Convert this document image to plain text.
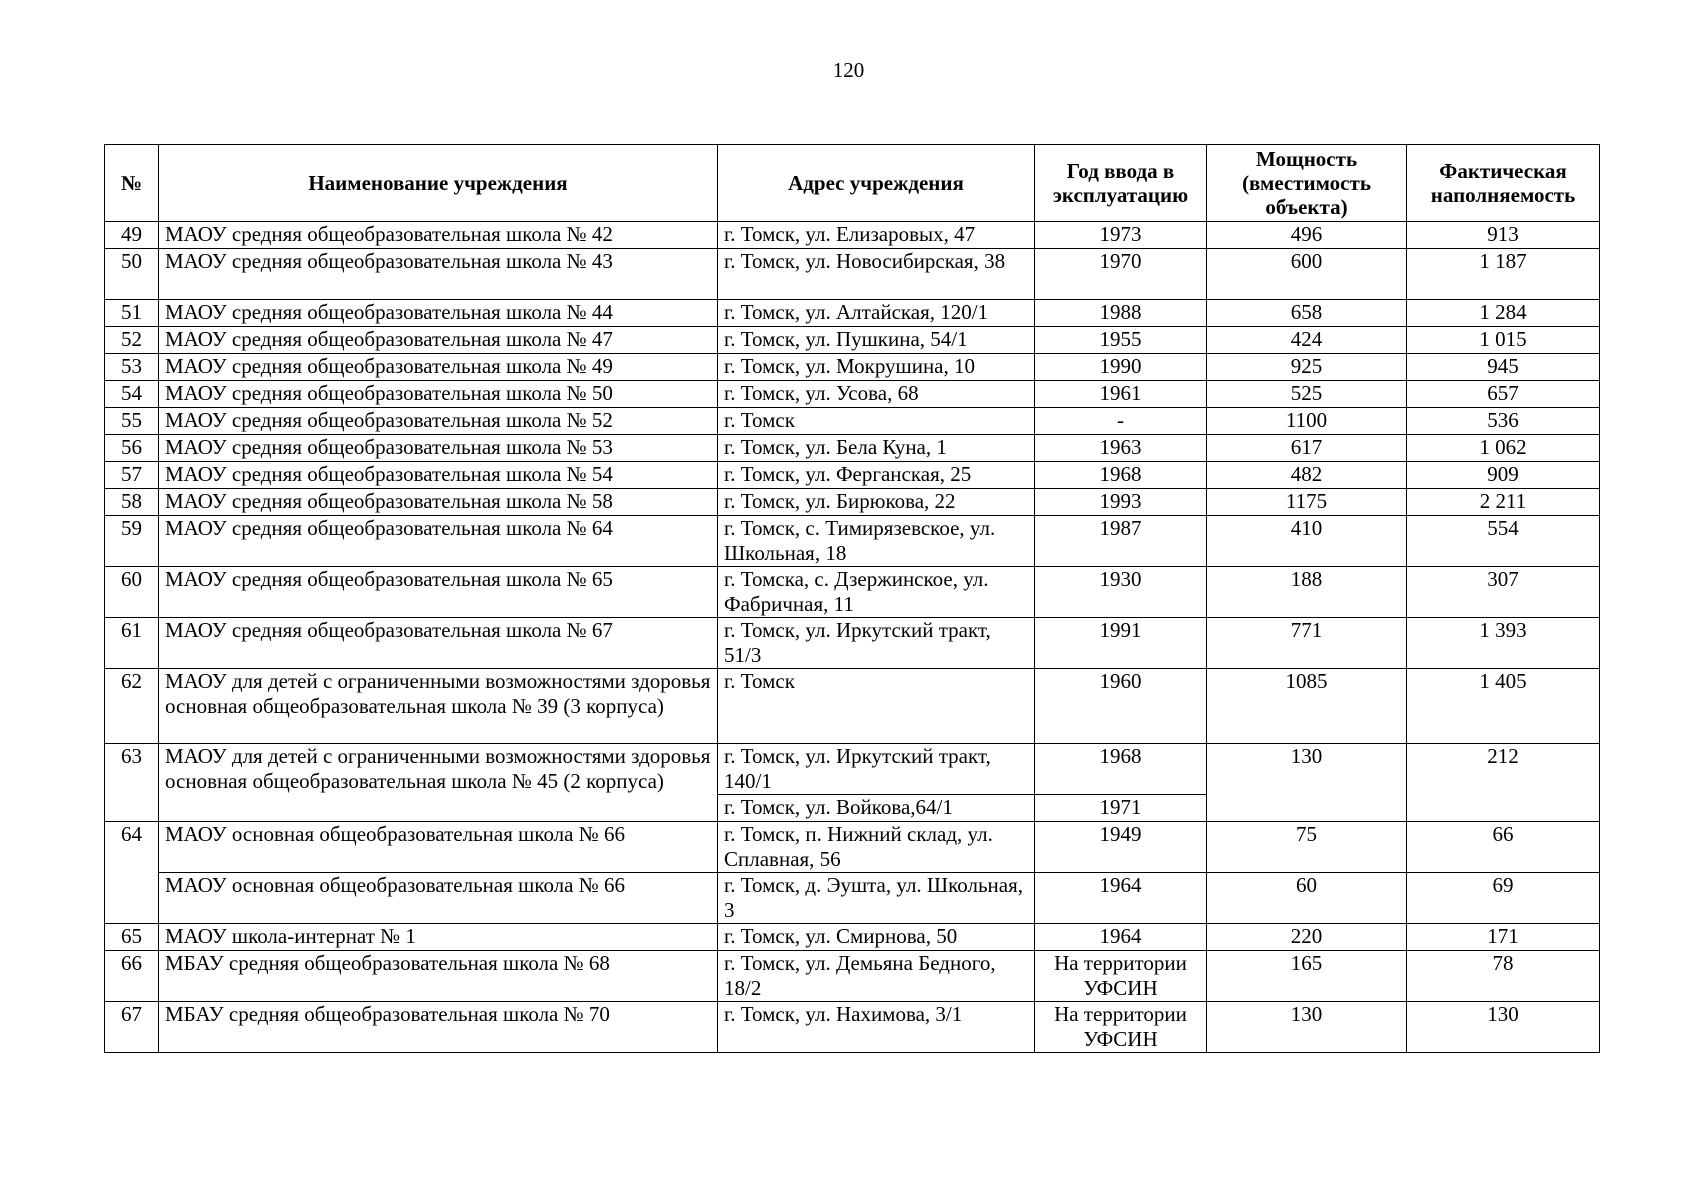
120
№	Наименование учреждения	Адрес учреждения	Год ввода в эксплуатацию	Мощность (вместимость объекта)	Фактическая наполняемость
49	МАОУ средняя общеобразовательная школа № 42	г. Томск, ул. Елизаровых, 47	1973	496	913
50	МАОУ средняя общеобразовательная школа № 43	г. Томск, ул. Новосибирская, 38	1970	600	1 187
51	МАОУ средняя общеобразовательная школа № 44	г. Томск, ул. Алтайская, 120/1	1988	658	1 284
52	МАОУ средняя общеобразовательная школа № 47	г. Томск, ул. Пушкина, 54/1	1955	424	1 015
53	МАОУ средняя общеобразовательная школа № 49	г. Томск, ул. Мокрушина, 10	1990	925	945
54	МАОУ средняя общеобразовательная школа № 50	г. Томск, ул. Усова, 68	1961	525	657
55	МАОУ средняя общеобразовательная школа № 52	г. Томск	-	1100	536
56	МАОУ средняя общеобразовательная школа № 53	г. Томск, ул. Бела Куна, 1	1963	617	1 062
57	МАОУ средняя общеобразовательная школа № 54	г. Томск, ул. Ферганская, 25	1968	482	909
58	МАОУ средняя общеобразовательная школа № 58	г. Томск, ул. Бирюкова, 22	1993	1175	2 211
59	МАОУ средняя общеобразовательная школа № 64	г. Томск, с. Тимирязевское, ул. Школьная, 18	1987	410	554
60	МАОУ средняя общеобразовательная школа № 65	г. Томска, с. Дзержинское, ул. Фабричная, 11	1930	188	307
61	МАОУ средняя общеобразовательная школа № 67	г. Томск, ул. Иркутский тракт, 51/3	1991	771	1 393
62	МАОУ для детей с ограниченными возможностями здоровья основная общеобразовательная школа № 39 (3 корпуса)	г. Томск	1960	1085	1 405
63	МАОУ для детей с ограниченными возможностями здоровья основная общеобразовательная школа № 45 (2 корпуса)	г. Томск, ул. Иркутский тракт, 140/1	1968	130	212
		г. Томск, ул. Войкова,64/1	1971		
64	МАОУ основная общеобразовательная школа № 66	г. Томск, п. Нижний склад, ул. Сплавная, 56	1949	75	66
	МАОУ основная общеобразовательная школа № 66	г. Томск, д. Эушта, ул. Школьная, 3	1964	60	69
65	МАОУ школа-интернат № 1	г. Томск, ул. Смирнова, 50	1964	220	171
66	МБАУ средняя общеобразовательная школа № 68	г. Томск, ул. Демьяна Бедного, 18/2	На территории УФСИН	165	78
67	МБАУ средняя общеобразовательная школа № 70	г. Томск, ул. Нахимова, 3/1	На территории УФСИН	130	130
